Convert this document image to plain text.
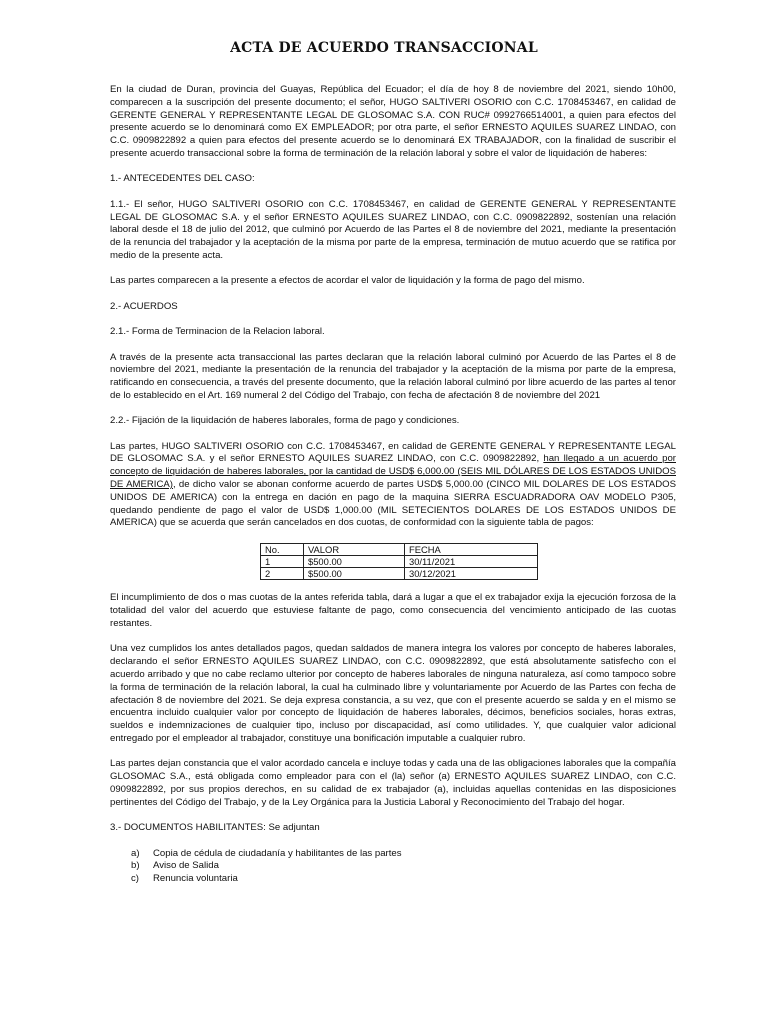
ACTA DE ACUERDO TRANSACCIONAL

En la ciudad de Duran, provincia del Guayas, República del Ecuador; el día de hoy 8 de noviembre del 2021, siendo 10h00, comparecen a la suscripción del presente documento; el señor, HUGO SALTIVERI OSORIO con C.C. 1708453467, en calidad de GERENTE GENERAL Y REPRESENTANTE LEGAL DE GLOSOMAC S.A. CON RUC# 0992766514001, a quien para efectos del presente acuerdo se lo denominará como EX EMPLEADOR; por otra parte, el señor ERNESTO AQUILES SUAREZ LINDAO, con C.C. 0909822892 a quien para efectos del presente acuerdo se lo denominará EX TRABAJADOR, con la finalidad de suscribir el presente acuerdo transaccional sobre la forma de terminación de la relación laboral y sobre el valor de liquidación de haberes:

1.- ANTECEDENTES DEL CASO:

1.1.- El señor, HUGO SALTIVERI OSORIO con C.C. 1708453467, en calidad de GERENTE GENERAL Y REPRESENTANTE LEGAL DE GLOSOMAC S.A. y el señor ERNESTO AQUILES SUAREZ LINDAO, con C.C. 0909822892, sostenían una relación laboral desde el 18 de julio del 2012, que culminó por Acuerdo de las Partes el 8 de noviembre del 2021, mediante la presentación de la renuncia del trabajador y la aceptación de la misma por parte de la empresa, terminación de mutuo acuerdo que se ratifica por medio de la presente acta.

Las partes comparecen a la presente a efectos de acordar el valor de liquidación y la forma de pago del mismo.

2.- ACUERDOS

2.1.- Forma de Terminacion de la Relacion laboral.

A través de la presente acta transaccional las partes declaran que la relación laboral culminó por Acuerdo de las Partes el 8 de noviembre del 2021, mediante la presentación de la renuncia del trabajador y la aceptación de la misma por parte de la empresa, ratificando en consecuencia, a través del presente documento, que la relación laboral culminó por libre acuerdo de las partes al tenor de lo establecido en el Art. 169 numeral 2 del Código del Trabajo, con fecha de afectación 8 de noviembre del 2021

2.2.- Fijación de la liquidación de haberes laborales, forma de pago y condiciones.

Las partes, HUGO SALTIVERI OSORIO con C.C. 1708453467, en calidad de GERENTE GENERAL Y REPRESENTANTE LEGAL DE GLOSOMAC S.A. y el señor ERNESTO AQUILES SUAREZ LINDAO, con C.C. 0909822892, han llegado a un acuerdo por concepto de liquidación de haberes laborales, por la cantidad de USD$ 6,000.00 (SEIS MIL DÓLARES DE LOS ESTADOS UNIDOS DE AMERICA), de dicho valor se abonan conforme acuerdo de partes USD$ 5,000.00 (CINCO MIL DOLARES DE LOS ESTADOS UNIDOS DE AMERICA) con la entrega en dación en pago de la maquina SIERRA ESCUADRADORA OAV MODELO P305, quedando pendiente de pago el valor de USD$ 1,000.00 (MIL SETECIENTOS DOLARES DE LOS ESTADOS UNIDOS DE AMERICA) que se acuerda que serán cancelados en dos cuotas, de conformidad con la siguiente tabla de pagos:

No.	VALOR	FECHA
1	$500.00	30/11/2021
2	$500.00	30/12/2021

El incumplimiento de dos o mas cuotas de la antes referida tabla, dará a lugar a que el ex trabajador exija la ejecución forzosa de la totalidad del valor del acuerdo que estuviese faltante de pago, como consecuencia del vencimiento anticipado de las cuotas restantes.

Una vez cumplidos los antes detallados pagos, quedan saldados de manera integra los valores por concepto de haberes laborales, declarando el señor ERNESTO AQUILES SUAREZ LINDAO, con C.C. 0909822892, que está absolutamente satisfecho con el acuerdo arribado y que no cabe reclamo ulterior por concepto de haberes laborales de ninguna naturaleza, así como tampoco sobre la forma de terminación de la relación laboral, la cual ha culminado libre y voluntariamente por Acuerdo de las Partes con fecha de afectación 8 de noviembre del 2021. Se deja expresa constancia, a su vez, que con el presente acuerdo se salda y en el mismo se encuentra incluido cualquier valor por concepto de liquidación de haberes laborales, décimos, beneficios sociales, horas extras, sueldos e indemnizaciones de cualquier tipo, incluso por discapacidad, así como utilidades. Y, que cualquier valor adicional entregado por el empleador al trabajador, constituye una bonificación imputable a cualquier rubro.

Las partes dejan constancia que el valor acordado cancela e incluye todas y cada una de las obligaciones laborales que la compañía GLOSOMAC S.A., está obligada como empleador para con el (la) señor (a) ERNESTO AQUILES SUAREZ LINDAO, con C.C. 0909822892, por sus propios derechos, en su calidad de ex trabajador (a), incluidas aquellas contenidas en las disposiciones pertinentes del Código del Trabajo, y de la Ley Orgánica para la Justicia Laboral y Reconocimiento del Trabajo del hogar.

3.- DOCUMENTOS HABILITANTES: Se adjuntan

a)	Copia de cédula de ciudadanía y habilitantes de las partes
b)	Aviso de Salida
c)	Renuncia voluntaria
